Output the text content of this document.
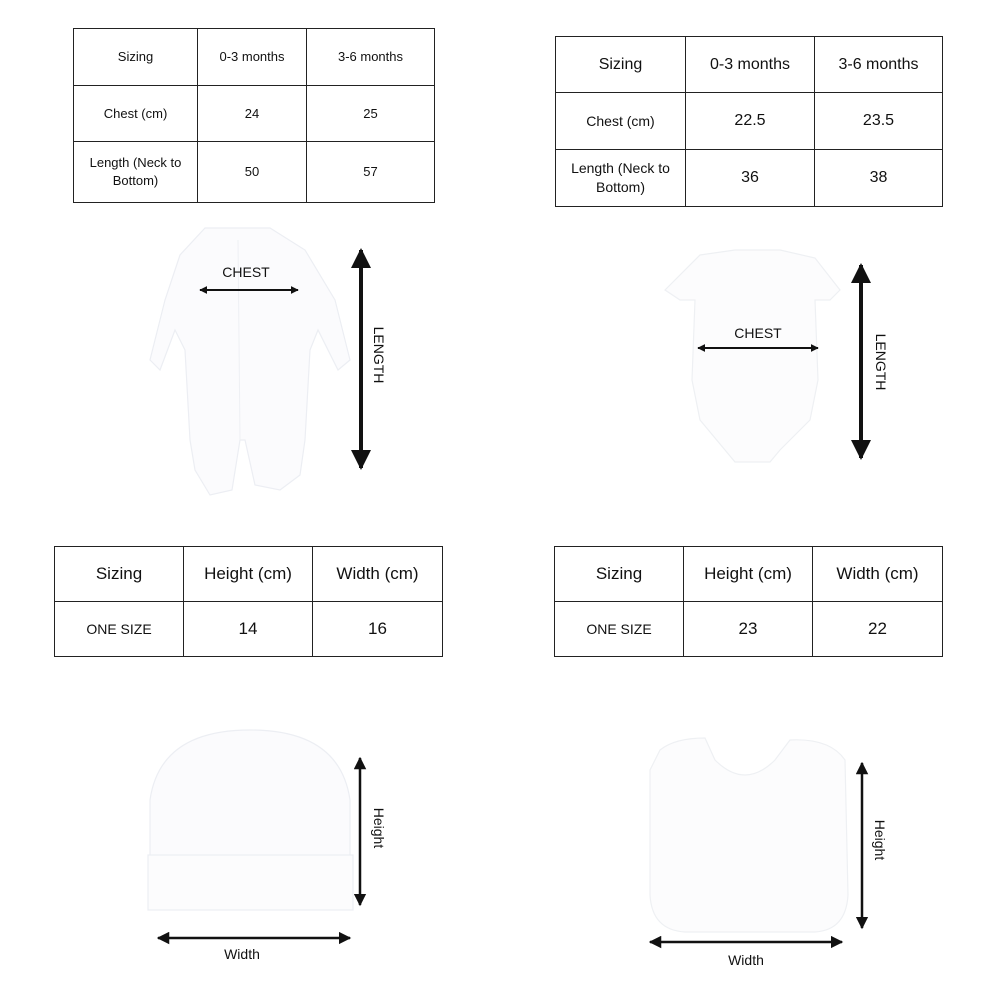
Sizing	0-3 months	3-6 months
Chest (cm)	24	25
Length (Neck to Bottom)	50	57
Sizing	0-3 months	3-6 months
Chest (cm)	22.5	23.5
Length (Neck to Bottom)	36	38
Sizing	Height (cm)	Width (cm)
ONE SIZE	14	16
Sizing	Height (cm)	Width (cm)
ONE SIZE	23	22
CHEST
LENGTH	CHEST
LENGTH
Height
Width
Height
Width
